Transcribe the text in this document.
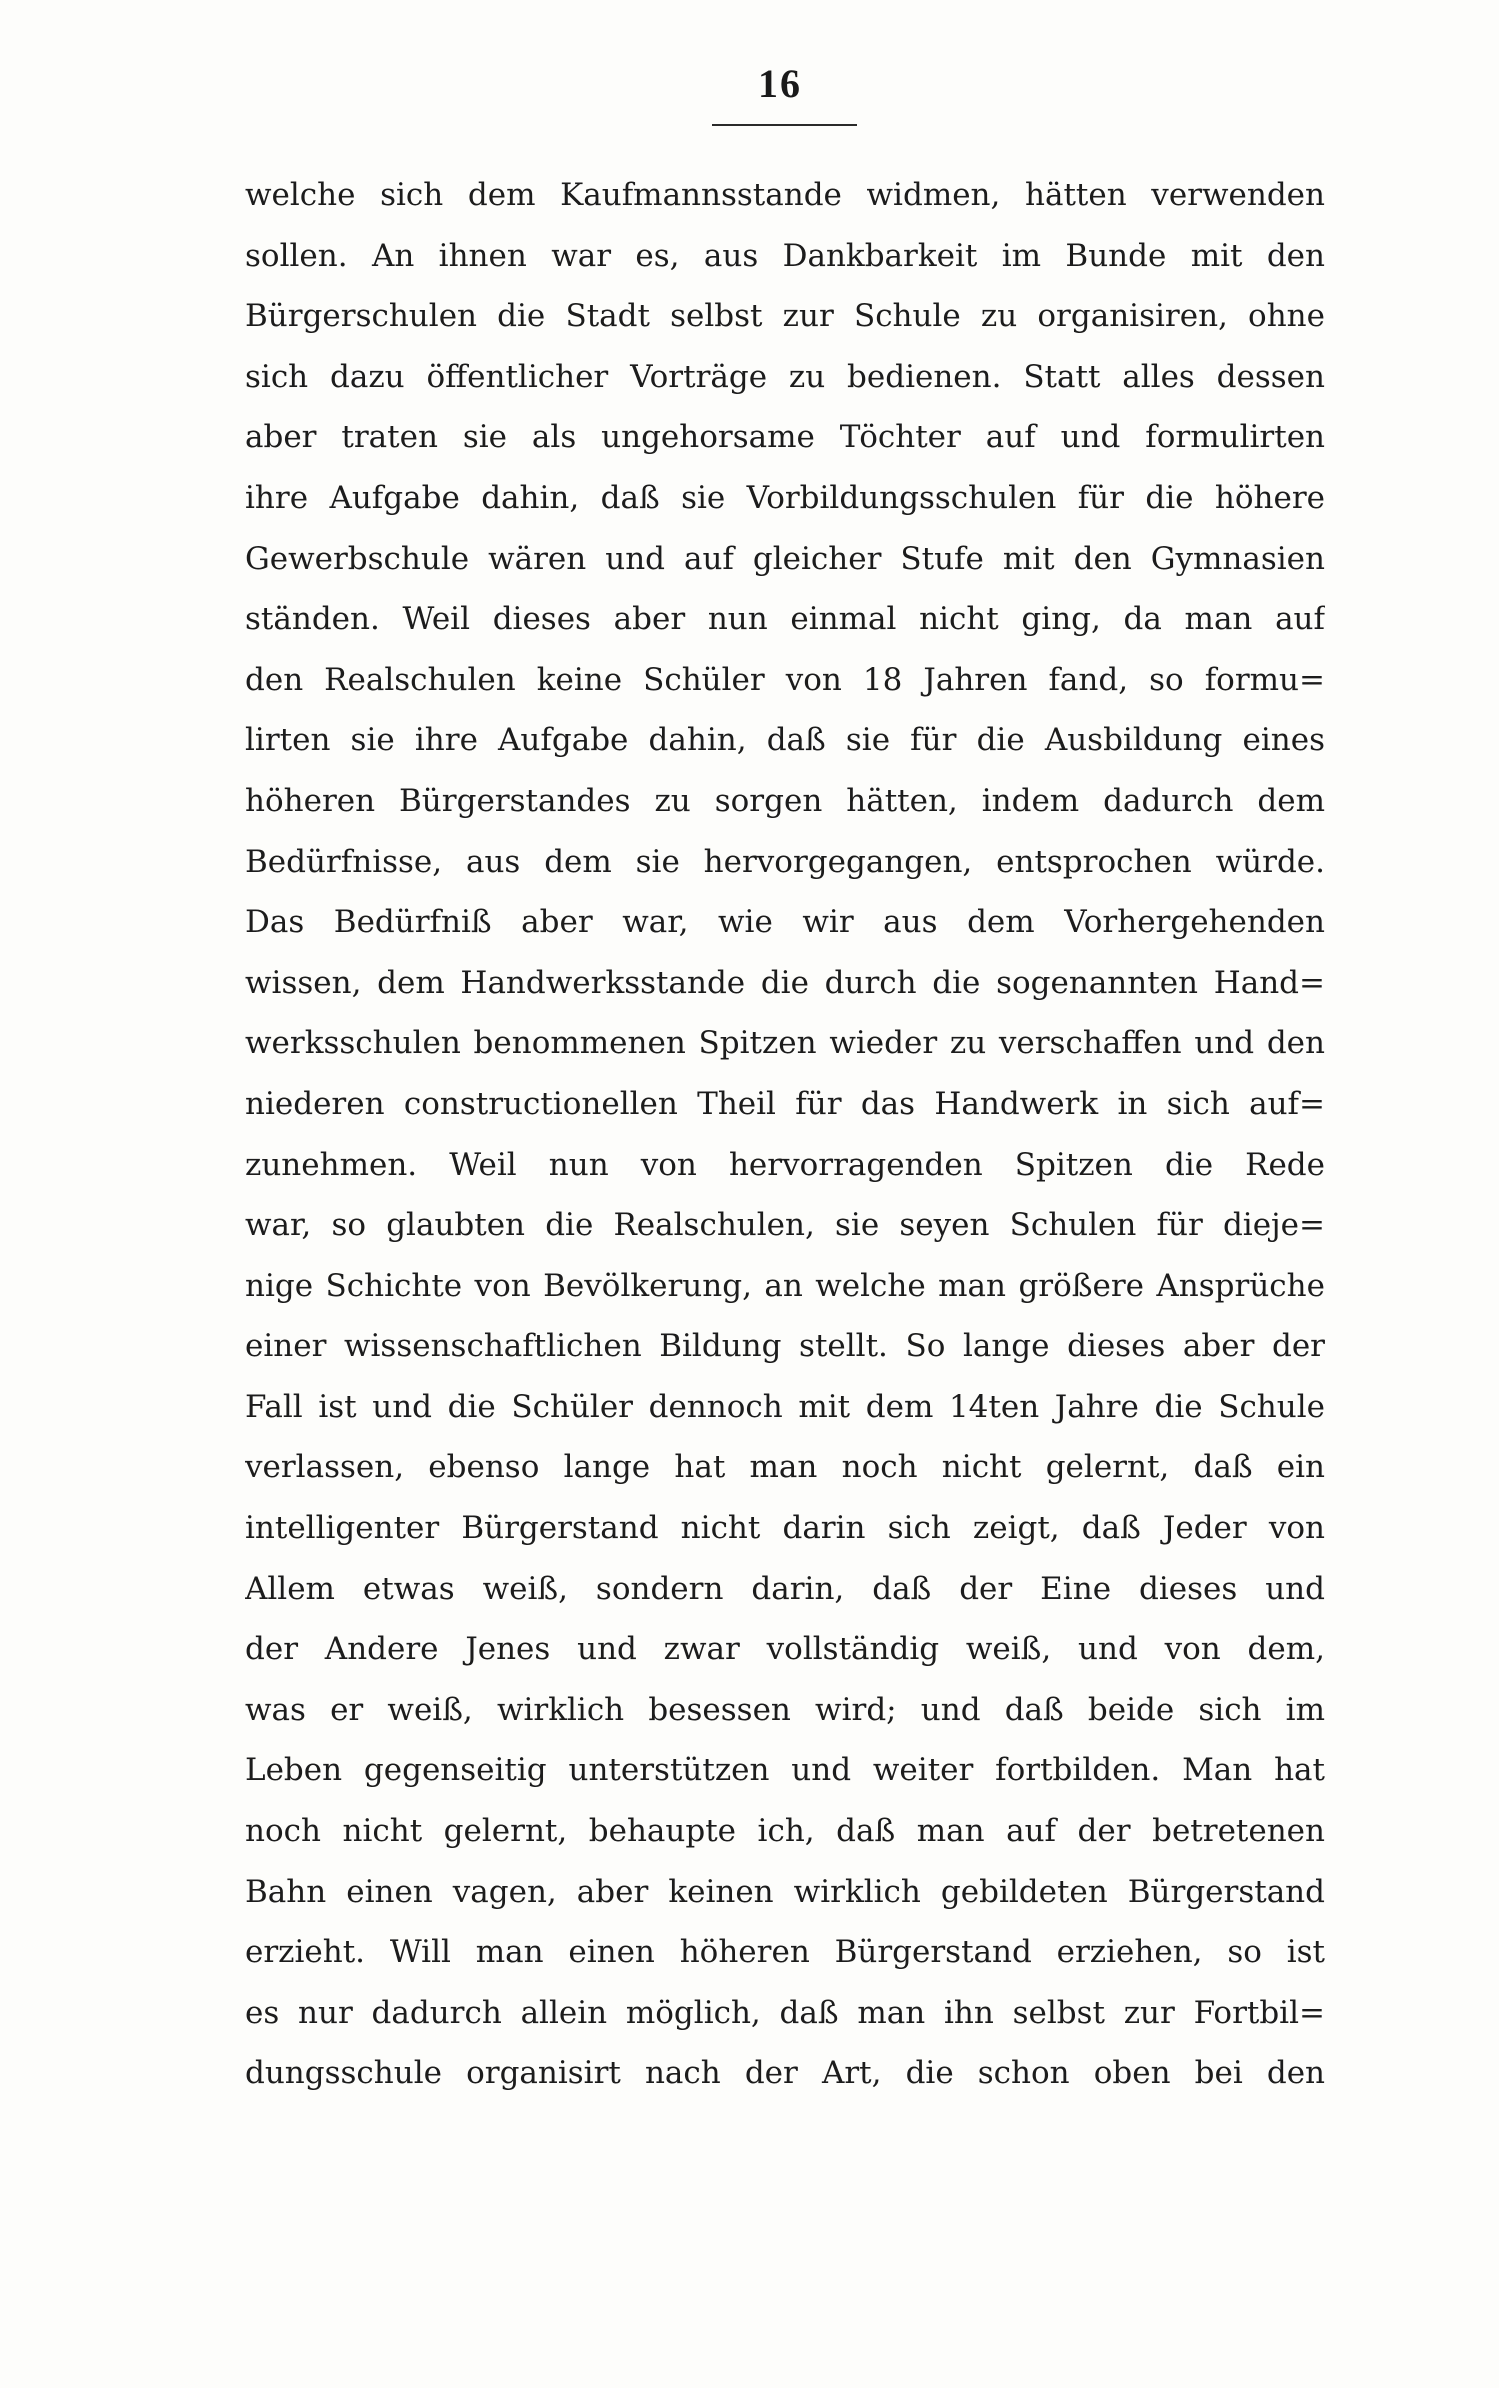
16
welche sich dem Kaufmannsstande widmen, hätten verwenden
sollen. An ihnen war es, aus Dankbarkeit im Bunde mit den
Bürgerschulen die Stadt selbst zur Schule zu organisiren, ohne
sich dazu öffentlicher Vorträge zu bedienen. Statt alles dessen
aber traten sie als ungehorsame Töchter auf und formulirten
ihre Aufgabe dahin, daß sie Vorbildungsschulen für die höhere
Gewerbschule wären und auf gleicher Stufe mit den Gymnasien
ständen. Weil dieses aber nun einmal nicht ging, da man auf
den Realschulen keine Schüler von 18 Jahren fand, so formu=
lirten sie ihre Aufgabe dahin, daß sie für die Ausbildung eines
höheren Bürgerstandes zu sorgen hätten, indem dadurch dem
Bedürfnisse, aus dem sie hervorgegangen, entsprochen würde.
Das Bedürfniß aber war, wie wir aus dem Vorhergehenden
wissen, dem Handwerksstande die durch die sogenannten Hand=
werksschulen benommenen Spitzen wieder zu verschaffen und den
niederen constructionellen Theil für das Handwerk in sich auf=
zunehmen. Weil nun von hervorragenden Spitzen die Rede
war, so glaubten die Realschulen, sie seyen Schulen für dieje=
nige Schichte von Bevölkerung, an welche man größere Ansprüche
einer wissenschaftlichen Bildung stellt. So lange dieses aber der
Fall ist und die Schüler dennoch mit dem 14ten Jahre die Schule
verlassen, ebenso lange hat man noch nicht gelernt, daß ein
intelligenter Bürgerstand nicht darin sich zeigt, daß Jeder von
Allem etwas weiß, sondern darin, daß der Eine dieses und
der Andere Jenes und zwar vollständig weiß, und von dem,
was er weiß, wirklich besessen wird; und daß beide sich im
Leben gegenseitig unterstützen und weiter fortbilden. Man hat
noch nicht gelernt, behaupte ich, daß man auf der betretenen
Bahn einen vagen, aber keinen wirklich gebildeten Bürgerstand
erzieht. Will man einen höheren Bürgerstand erziehen, so ist
es nur dadurch allein möglich, daß man ihn selbst zur Fortbil=
dungsschule organisirt nach der Art, die schon oben bei den
